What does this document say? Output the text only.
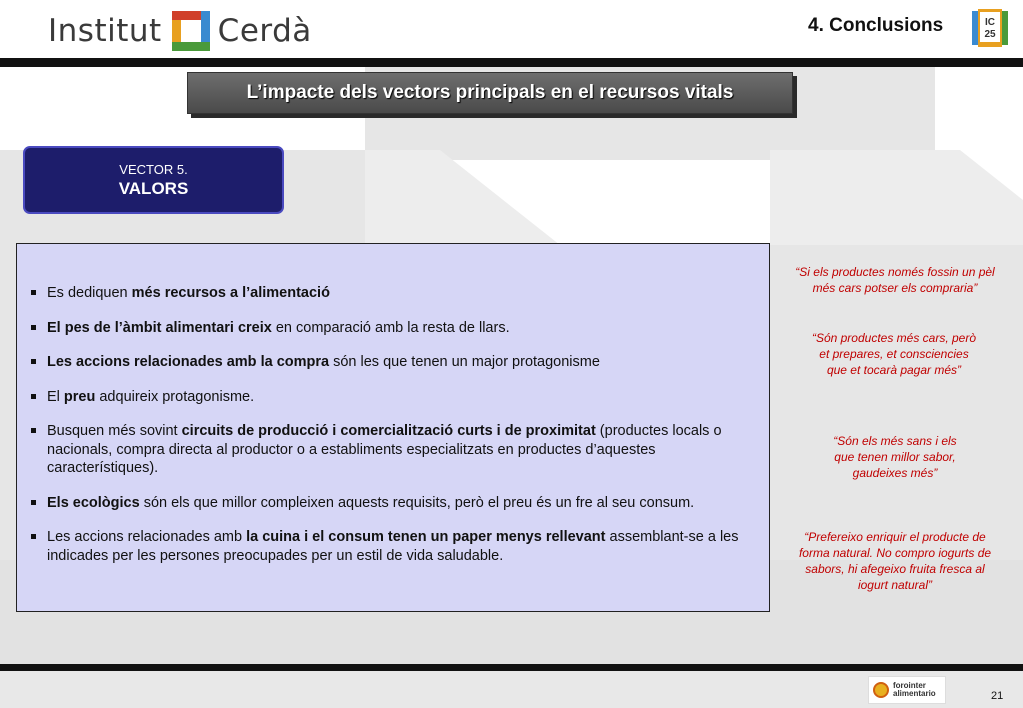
Institut Cerdà	4. Conclusions	IC
25
L’impacte dels vectors principals en el recursos vitals
VECTOR 5.
VALORS
Es dediquen més recursos a l’alimentació
El pes de l’àmbit alimentari creix en comparació amb la resta de llars.
Les accions relacionades amb la compra són les que tenen un major protagonisme
El preu adquireix protagonisme.
Busquen més sovint circuits de producció i comercialització curts i de proximitat (productes locals o nacionals, compra directa al productor o a establiments especialitzats en productes d’aquestes característiques).
Els ecològics són els que millor compleixen aquests requisits, però el preu és un fre al seu consum.
Les accions relacionades amb la cuina i el consum tenen un paper menys rellevant assemblant-se a les indicades per les persones preocupades per un estil de vida saludable.
“Si els productes només fossin un pèl més cars potser els compraria”
“Són productes més cars, però et prepares, et consciencies que et tocarà pagar més”
“Són els més sans i els que tenen millor sabor, gaudeixes més”
“Prefereixo enriquir el producte de forma natural. No compro iogurts de sabors, hi afegeixo fruita fresca al iogurt natural”
forointer
alimentario	21
